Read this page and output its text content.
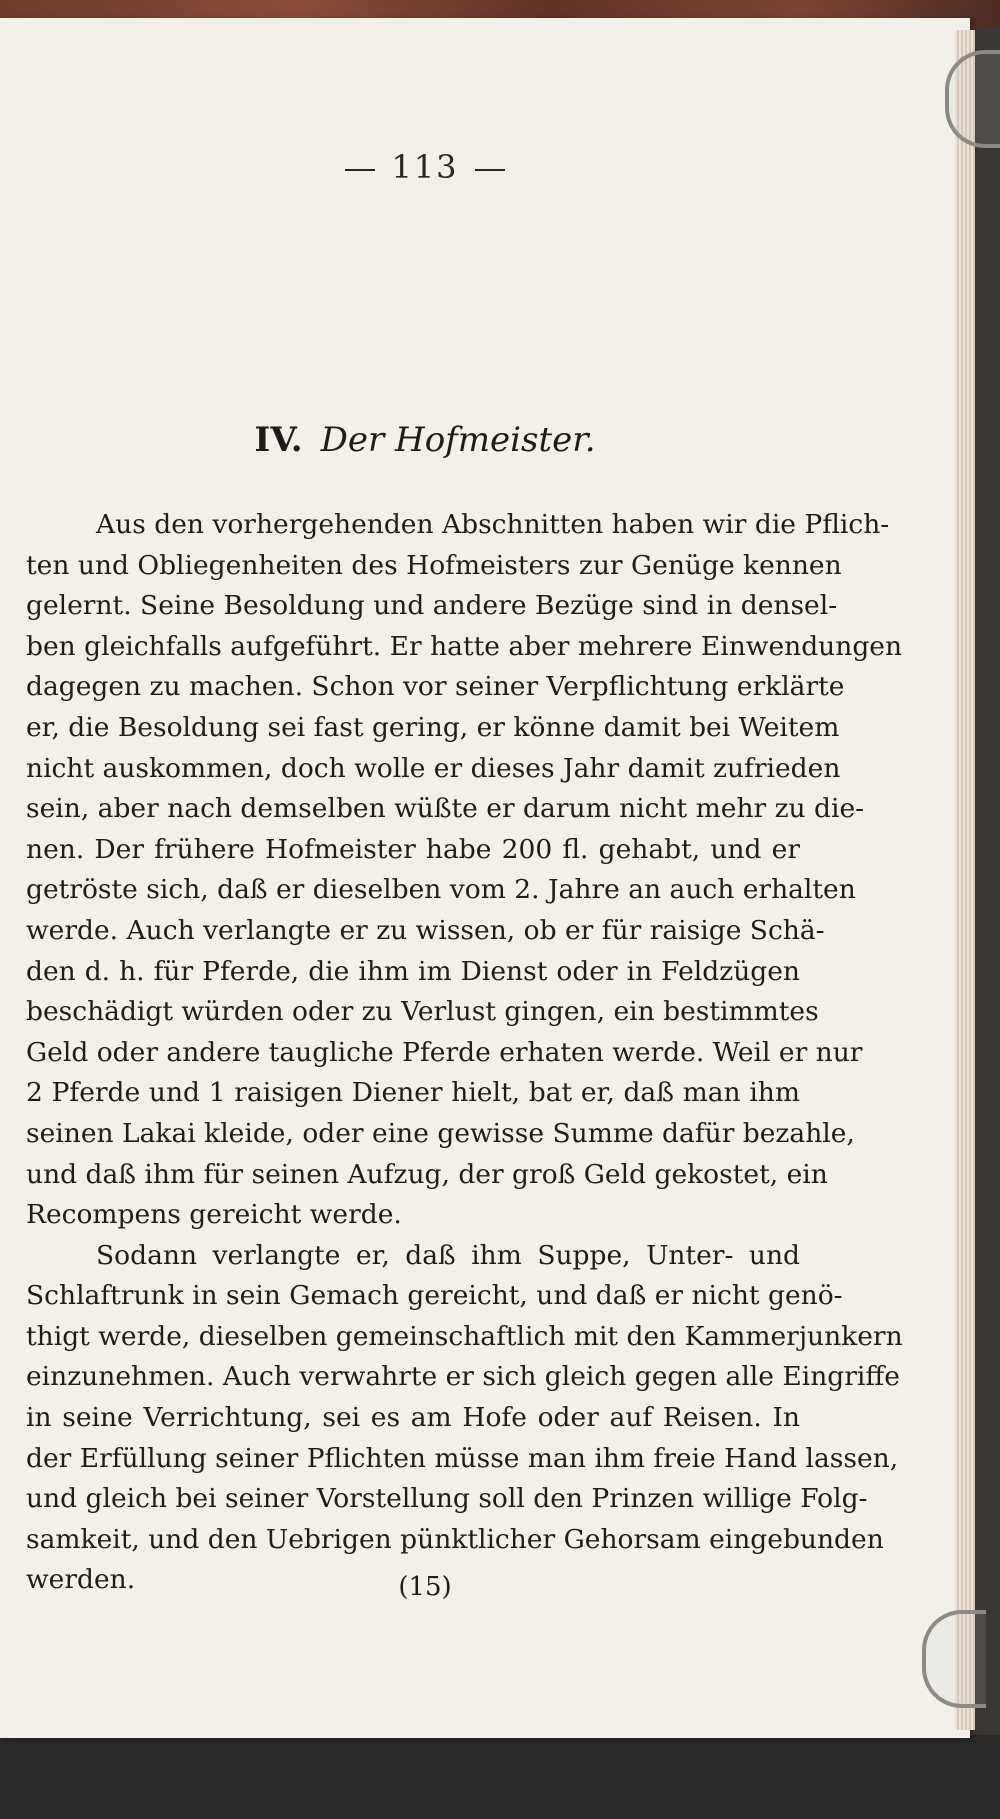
113
IV. Der Hofmeister.
Aus den vorhergehenden Abschnitten haben wir die Pflich-
ten und Obliegenheiten des Hofmeisters zur Genüge kennen
gelernt. Seine Besoldung und andere Bezüge sind in densel-
ben gleichfalls aufgeführt. Er hatte aber mehrere Einwendungen
dagegen zu machen. Schon vor seiner Verpflichtung erklärte
er, die Besoldung sei fast gering, er könne damit bei Weitem
nicht auskommen, doch wolle er dieses Jahr damit zufrieden
sein, aber nach demselben wüßte er darum nicht mehr zu die-
nen. Der frühere Hofmeister habe 200 fl. gehabt, und er
getröste sich, daß er dieselben vom 2. Jahre an auch erhalten
werde. Auch verlangte er zu wissen, ob er für raisige Schä-
den d. h. für Pferde, die ihm im Dienst oder in Feldzügen
beschädigt würden oder zu Verlust gingen, ein bestimmtes
Geld oder andere taugliche Pferde erhaten werde. Weil er nur
2 Pferde und 1 raisigen Diener hielt, bat er, daß man ihm
seinen Lakai kleide, oder eine gewisse Summe dafür bezahle,
und daß ihm für seinen Aufzug, der groß Geld gekostet, ein
Recompens gereicht werde.
Sodann verlangte er, daß ihm Suppe, Unter- und
Schlaftrunk in sein Gemach gereicht, und daß er nicht genö-
thigt werde, dieselben gemeinschaftlich mit den Kammerjunkern
einzunehmen. Auch verwahrte er sich gleich gegen alle Eingriffe
in seine Verrichtung, sei es am Hofe oder auf Reisen. In
der Erfüllung seiner Pflichten müsse man ihm freie Hand lassen,
und gleich bei seiner Vorstellung soll den Prinzen willige Folg-
samkeit, und den Uebrigen pünktlicher Gehorsam eingebunden
werden.	(15)
